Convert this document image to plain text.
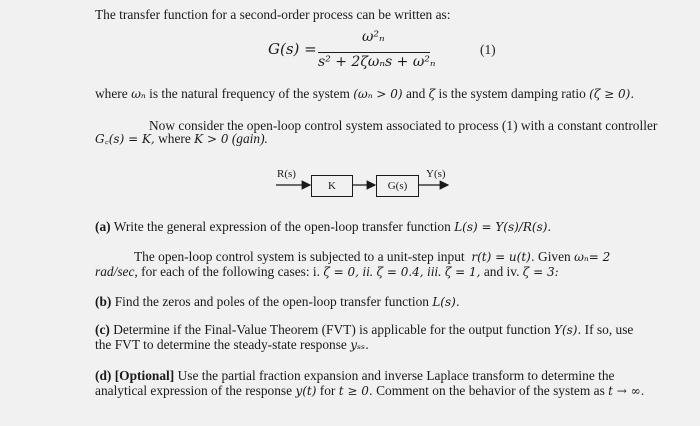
The transfer function for a second-order process can be written as:
G(s) =
ω²ₙ
s² + 2ζωₙs + ω²ₙ
(1)
where ωₙ is the natural frequency of the system (ωₙ > 0) and ζ is the system damping ratio (ζ ≥ 0).
Now consider the open-loop control system associated to process (1) with a constant controller
G꜀(s) = K, where K > 0 (gain).
R(s)
K	G(s)
Y(s)
(a) Write the general expression of the open-loop transfer function L(s) = Y(s)/R(s).
The open-loop control system is subjected to a unit-step input r(t) = u(t). Given ωₙ= 2
rad/sec, for each of the following cases: i. ζ = 0, ii. ζ = 0.4, iii. ζ = 1, and iv. ζ = 3:
(b) Find the zeros and poles of the open-loop transfer function L(s).
(c) Determine if the Final-Value Theorem (FVT) is applicable for the output function Y(s). If so, use
the FVT to determine the steady-state response yₛₛ.
(d) [Optional] Use the partial fraction expansion and inverse Laplace transform to determine the
analytical expression of the response y(t) for t ≥ 0. Comment on the behavior of the system as t → ∞.
